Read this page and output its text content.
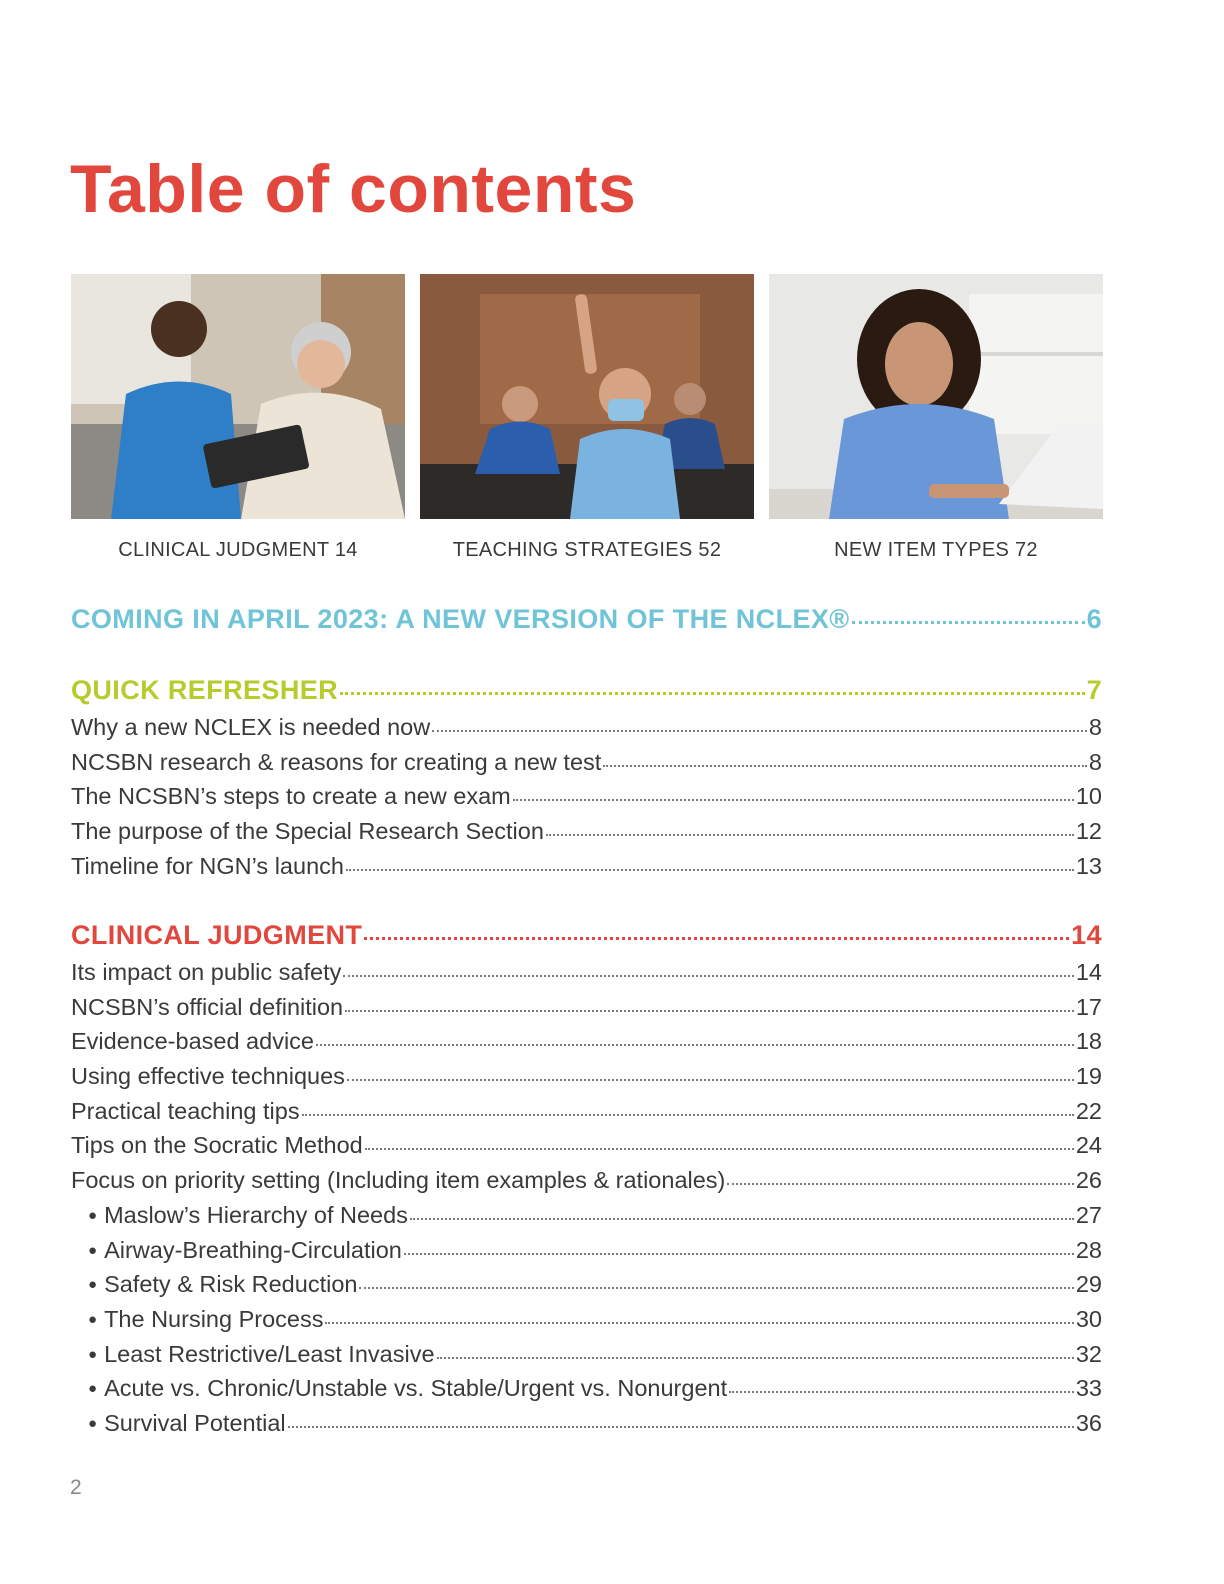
Table of contents
CLINICAL JUDGMENT 14	TEACHING STRATEGIES 52	NEW ITEM TYPES 72
COMING IN APRIL 2023: A NEW VERSION OF THE NCLEX®	6
QUICK REFRESHER	7
Why a new NCLEX is needed now	8
NCSBN research & reasons for creating a new test	8
The NCSBN’s steps to create a new exam	10
The purpose of the Special Research Section	12
Timeline for NGN’s launch	13
CLINICAL JUDGMENT	14
Its impact on public safety	14
NCSBN’s official definition	17
Evidence-based advice	18
Using effective techniques	19
Practical teaching tips	22
Tips on the Socratic Method	24
Focus on priority setting (Including item examples & rationales)	26
● Maslow’s Hierarchy of Needs	27
● Airway-Breathing-Circulation	28
● Safety & Risk Reduction	29
● The Nursing Process	30
● Least Restrictive/Least Invasive	32
● Acute vs. Chronic/Unstable vs. Stable/Urgent vs. Nonurgent	33
● Survival Potential	36
2
